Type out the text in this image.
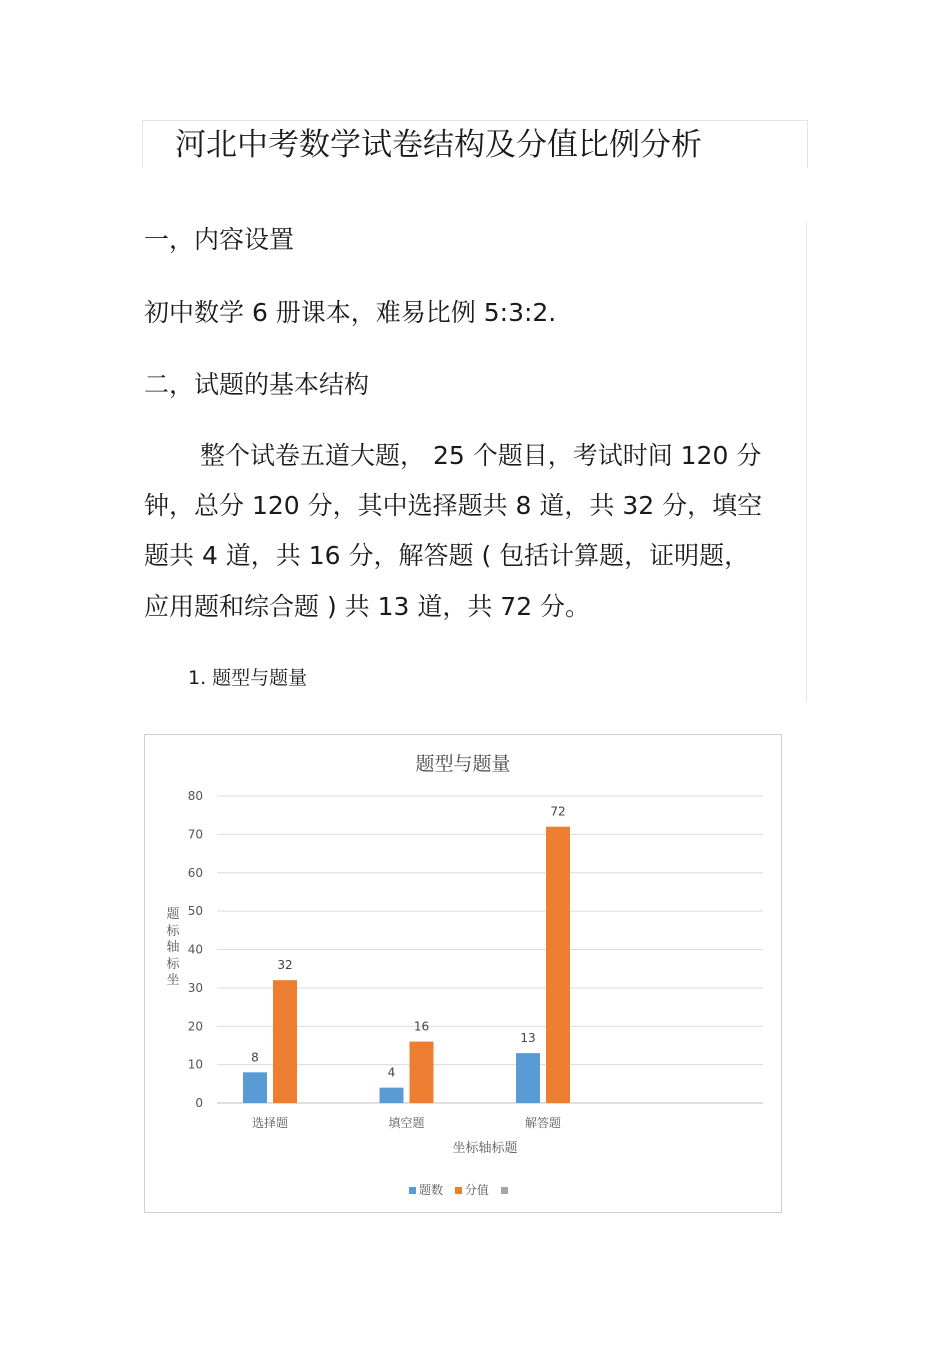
河北中考数学试卷结构及分值比例分析
一，内容设置
初中数学 6 册课本，难易比例 5:3:2.
二，试题的基本结构
整个试卷五道大题， 25 个题目，考试时间 120 分
钟，总分 120 分，其中选择题共 8 道，共 32 分，填空
题共 4 道，共 16 分，解答题 ( 包括计算题，证明题，
应用题和综合题 ) 共 13 道，共 72 分。
1. 题型与题量
题型与题量
0
10
20
30
40
50
60
70
80
8
32
选择题
4
16
填空题
13
72
解答题
题
标
轴
标
坐
坐标轴标题
题数 分值
